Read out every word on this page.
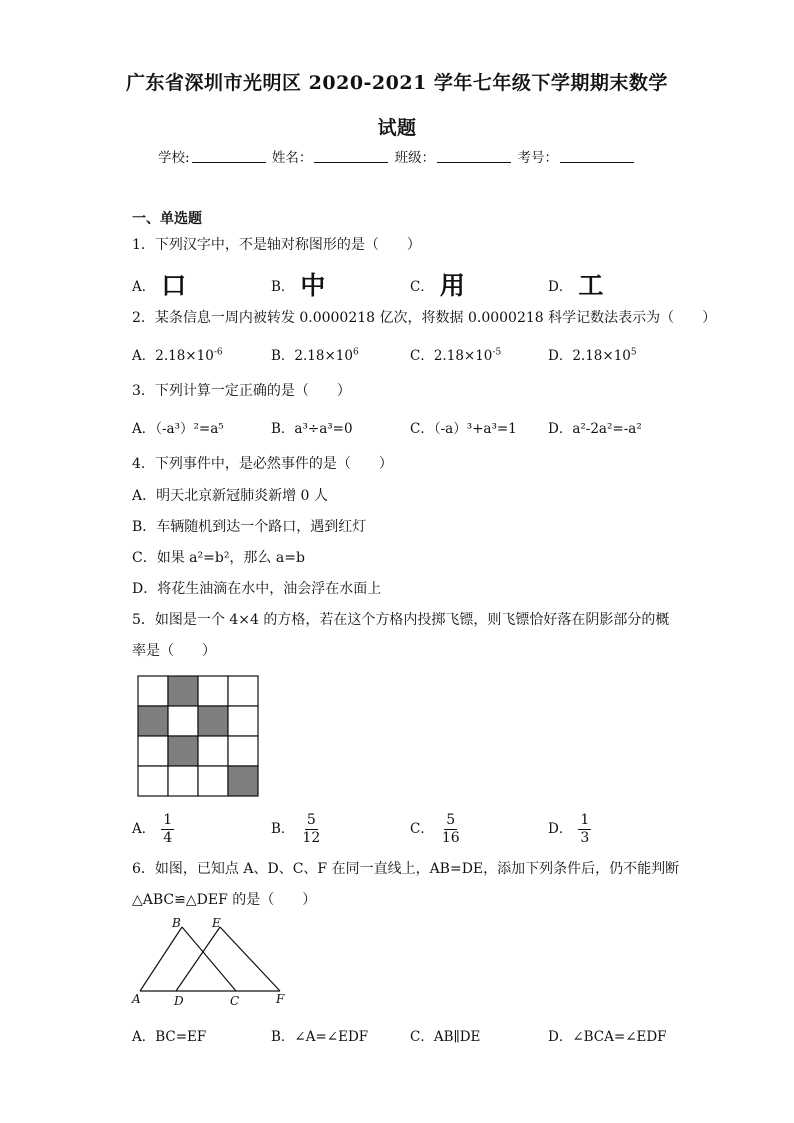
广东省深圳市光明区 2020-2021 学年七年级下学期期末数学
试题
学校:	姓名：	班级：	考号：
一、单选题
1．下列汉字中，不是轴对称图形的是（　　）
A． 口	B． 中	C． 用	D． 工
2．某条信息一周内被转发 0.0000218 亿次，将数据 0.0000218 科学记数法表示为（　　）
A．$2.18\times 10^{-6}$	B．$2.18\times 10^6$	C．$2.18\times 10^{-5}$	D．$2.18\times 10^5$
3．下列计算一定正确的是（　　）
A．（-a³）²=a⁵	B．a³÷a³=0	C．（-a）³+a³=1 D．a²-2a²=-a²
4．下列事件中，是必然事件的是（　　）
A．明天北京新冠肺炎新增 0 人
B．车辆随机到达一个路口，遇到红灯
C．如果 a²=b²，那么 a=b
D．将花生油滴在水中，油会浮在水面上
5．如图是一个 4×4 的方格，若在这个方格内投掷飞镖，则飞镖恰好落在阴影部分的概
率是（　　）
A． $\frac{1}{4}$	B． $\frac{5}{12}$	C． $\frac{5}{16}$	D． $\frac{1}{3}$
6．如图，已知点 A、D、C、F 在同一直线上，AB=DE，添加下列条件后，仍不能判断
△ABC≌△DEF 的是（　　）
A
B
C
D
E
F
A．BC=EF	B．∠A=∠EDF	C．AB∥DE	D．∠BCA=∠EDF
